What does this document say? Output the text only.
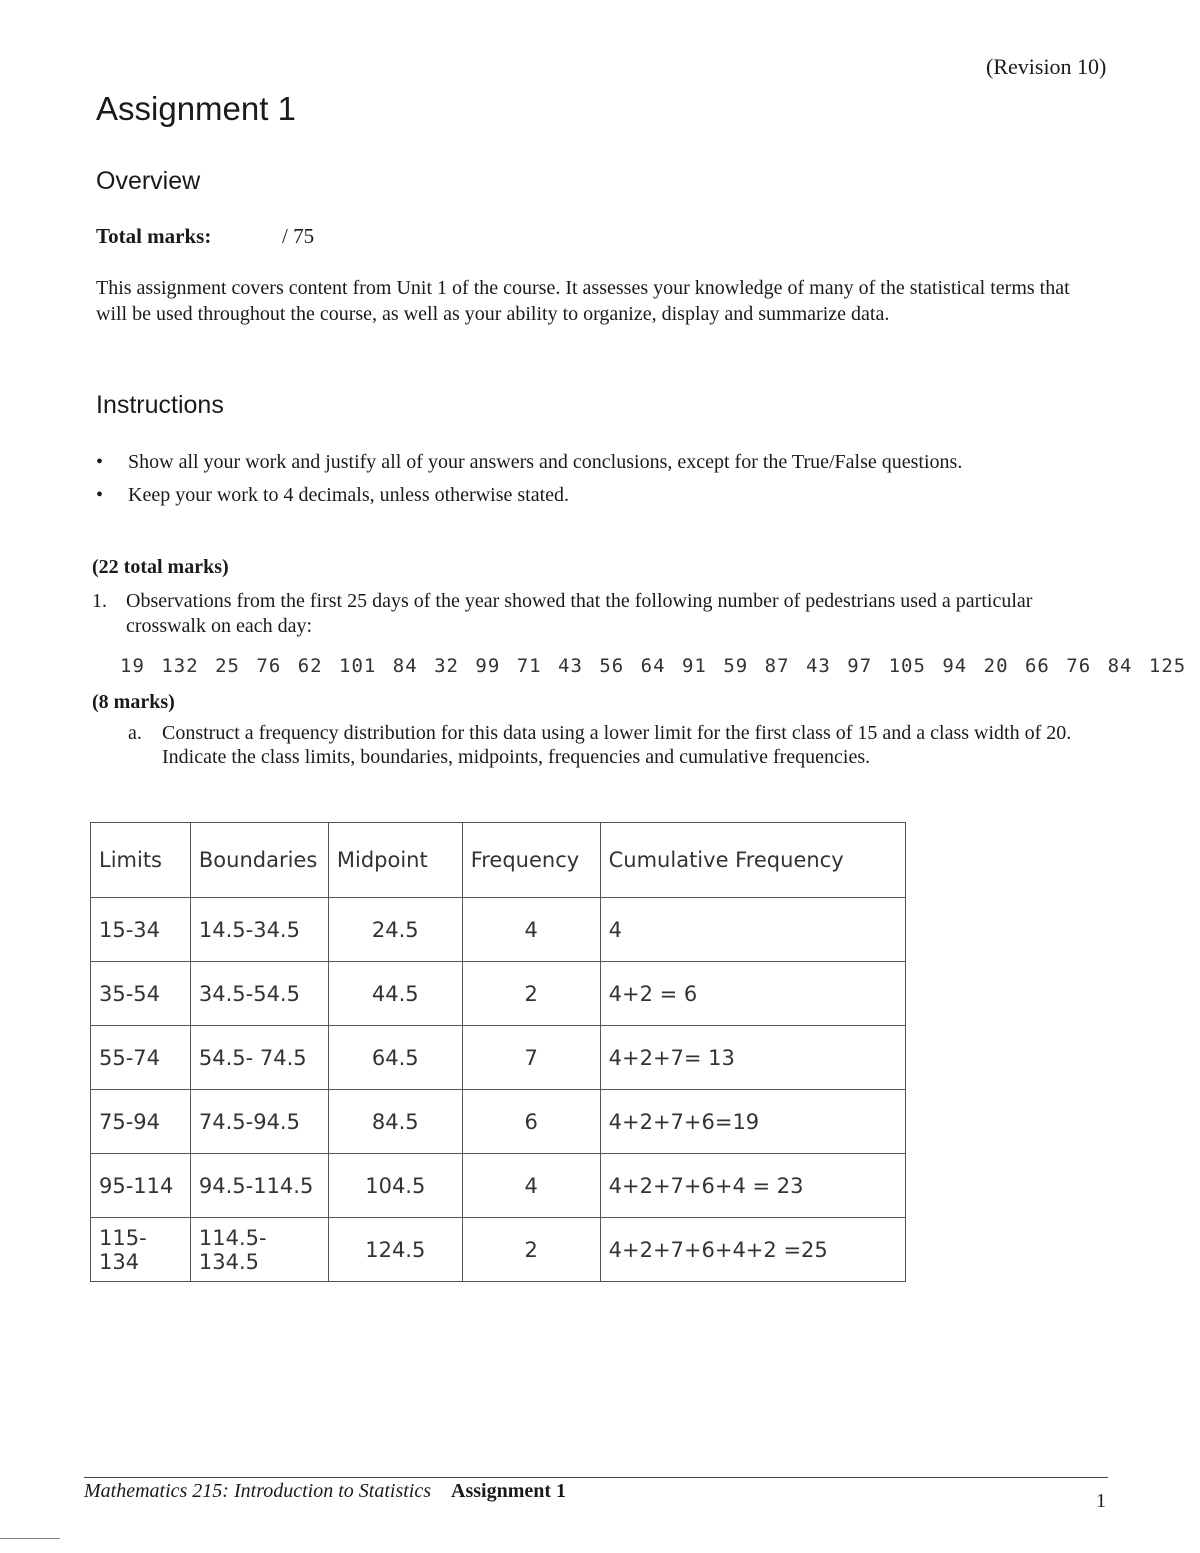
(Revision 10)
Assignment 1
Overview
Total marks:	/ 75
This assignment covers content from Unit 1 of the course. It assesses your knowledge of many of the statistical terms that will be used throughout the course, as well as your ability to organize, display and summarize data.
Instructions
• Show all your work and justify all of your answers and conclusions, except for the True/False questions.
• Keep your work to 4 decimals, unless otherwise stated.
(22 total marks)
1. Observations from the first 25 days of the year showed that the following number of pedestrians used a particular crosswalk on each day:
19 132 25 76 62 101 84 32 99 71 43 56 64 91 59 87 43 97 105 94 20 66 76 84 125
(8 marks)
a. Construct a frequency distribution for this data using a lower limit for the first class of 15 and a class width of 20. Indicate the class limits, boundaries, midpoints, frequencies and cumulative frequencies.
Limits	Boundaries	Midpoint	Frequency	Cumulative Frequency
15-34	14.5-34.5	24.5	4	4
35-54	34.5-54.5	44.5	2	4+2 = 6
55-74	54.5- 74.5	64.5	7	4+2+7= 13
75-94	74.5-94.5	84.5	6	4+2+7+6=19
95-114	94.5-114.5	104.5	4	4+2+7+6+4 = 23
115-134	114.5-134.5	124.5	2	4+2+7+6+4+2 =25
Mathematics 215: Introduction to Statistics Assignment 1	1
